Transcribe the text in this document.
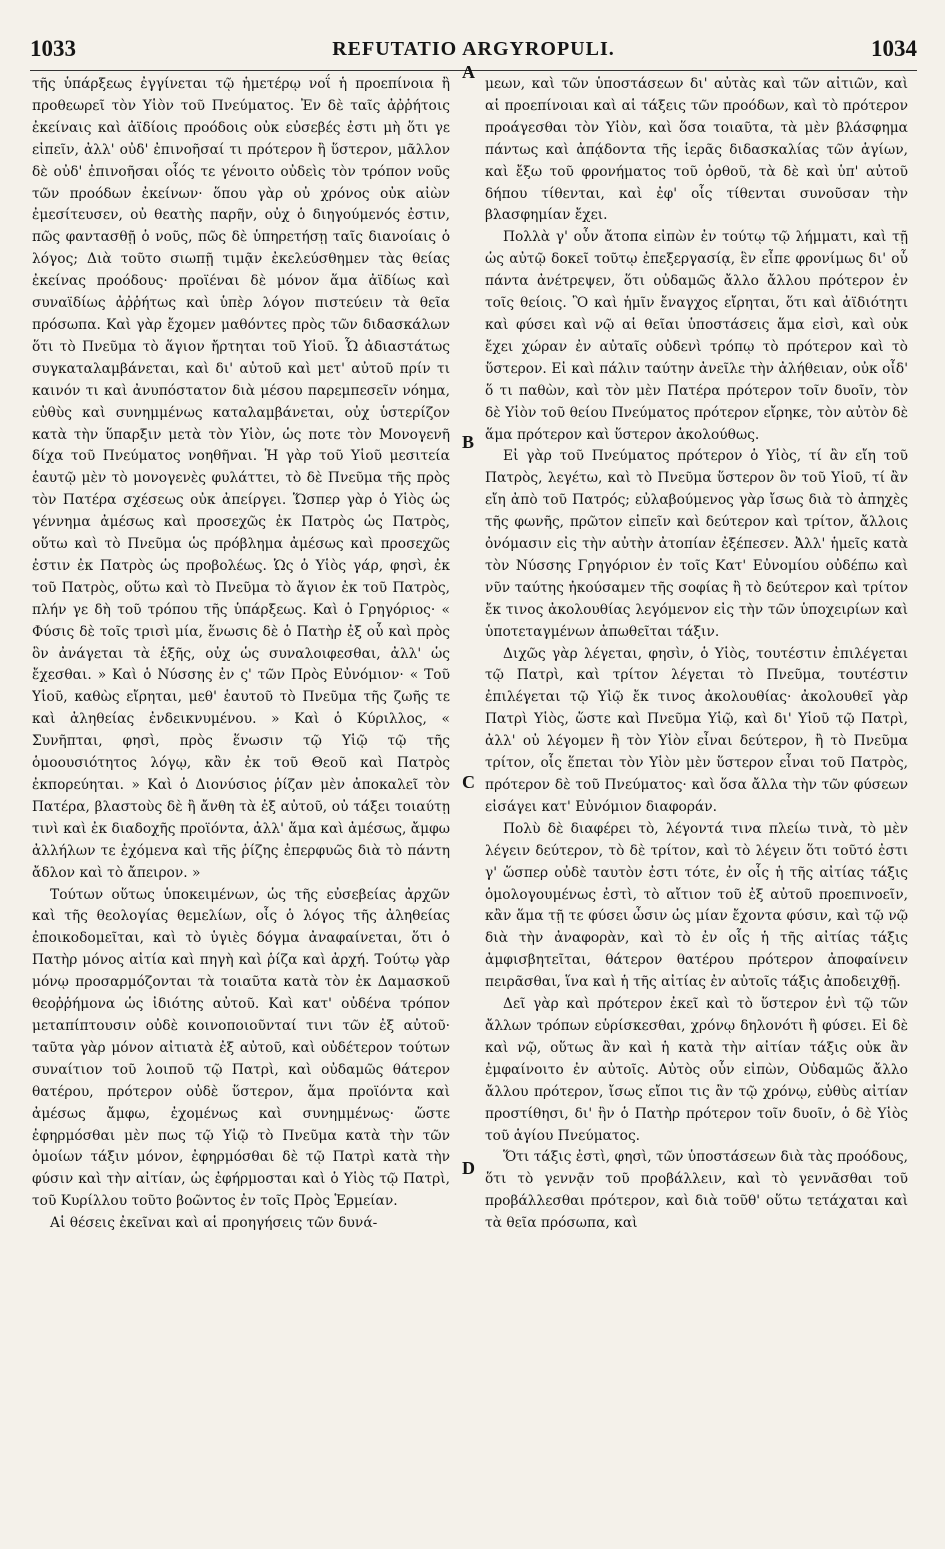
1033	REFUTATIO ARGYROPULI.	1034

τῆς ὑπάρξεως ἐγγίνεται τῷ ἡμετέρῳ νοΐ ἡ προεπίνοια ἢ προθεωρεῖ τὸν Υἱὸν τοῦ Πνεύματος. Ἐν δὲ ταῖς ἀῤῥήτοις ἐκείναις καὶ ἀϊδίοις προόδοις οὐκ εὐσεβές ἐστι μὴ ὅτι γε εἰπεῖν, ἀλλ' οὐδ' ἐπινοῆσαί τι πρότερον ἢ ὕστερον, μᾶλλον δὲ οὐδ' ἐπινοῆσαι οἷός τε γένοιτο οὐδεὶς τὸν τρόπον νοῦς τῶν προόδων ἐκείνων· ὅπου γὰρ οὐ χρόνος οὐκ αἰὼν ἐμεσίτευσεν, οὐ θεατὴς παρῆν, οὐχ ὁ διηγούμενός ἐστιν, πῶς φαντασθῇ ὁ νοῦς, πῶς δὲ ὑπηρετήσῃ ταῖς διανοίαις ὁ λόγος; Διὰ τοῦτο σιωπῇ τιμᾷν ἐκελεύσθημεν τὰς θείας ἐκείνας προόδους· προϊέναι δὲ μόνον ἅμα ἀϊδίως καὶ συναϊδίως ἀῤῥήτως καὶ ὑπὲρ λόγον πιστεύειν τὰ θεῖα πρόσωπα. Καὶ γὰρ ἔχομεν μαθόντες πρὸς τῶν διδασκάλων ὅτι τὸ Πνεῦμα τὸ ἅγιον ἤρτηται τοῦ Υἱοῦ. Ὧ ἀδιαστάτως συγκαταλαμβάνεται, καὶ δι' αὐτοῦ καὶ μετ' αὐτοῦ πρίν τι καινόν τι καὶ ἀνυπόστατον διὰ μέσου παρεμπεσεῖν νόημα, εὐθὺς καὶ συνημμένως καταλαμβάνεται, οὐχ ὑστερίζον κατὰ τὴν ὕπαρξιν μετὰ τὸν Υἱὸν, ὡς ποτε τὸν Μονογενῆ δίχα τοῦ Πνεύματος νοηθῆναι. Ἡ γὰρ τοῦ Υἱοῦ μεσιτεία ἑαυτῷ μὲν τὸ μονογενὲς φυλάττει, τὸ δὲ Πνεῦμα τῆς πρὸς τὸν Πατέρα σχέσεως οὐκ ἀπείργει. Ὥσπερ γὰρ ὁ Υἱὸς ὡς γέννημα ἀμέσως καὶ προσεχῶς ἐκ Πατρὸς ὡς Πατρὸς, οὕτω καὶ τὸ Πνεῦμα ὡς πρόβλημα ἀμέσως καὶ προσεχῶς ἐστιν ἐκ Πατρὸς ὡς προβολέως. Ὡς ὁ Υἱὸς γάρ, φησὶ, ἐκ τοῦ Πατρὸς, οὕτω καὶ τὸ Πνεῦμα τὸ ἅγιον ἐκ τοῦ Πατρὸς, πλήν γε δὴ τοῦ τρόπου τῆς ὑπάρξεως. Καὶ ὁ Γρηγόριος· « Φύσις δὲ τοῖς τρισὶ μία, ἕνωσις δὲ ὁ Πατὴρ ἐξ οὗ καὶ πρὸς ὃν ἀνάγεται τὰ ἑξῆς, οὐχ ὡς συναλοιφεσθαι, ἀλλ' ὡς ἔχεσθαι. » Καὶ ὁ Νύσσης ἐν ς' τῶν Πρὸς Εὐνόμιον· « Τοῦ Υἱοῦ, καθὼς εἴρηται, μεθ' ἑαυτοῦ τὸ Πνεῦμα τῆς ζωῆς τε καὶ ἀληθείας ἐνδεικνυμένου. » Καὶ ὁ Κύριλλος, « Συνῆπται, φησὶ, πρὸς ἕνωσιν τῷ Υἱῷ τῷ τῆς ὁμοουσιότητος λόγῳ, κἂν ἐκ τοῦ Θεοῦ καὶ Πατρὸς ἐκπορεύηται. » Καὶ ὁ Διονύσιος ῥίζαν μὲν ἀποκαλεῖ τὸν Πατέρα, βλαστοὺς δὲ ἢ ἄνθη τὰ ἐξ αὐτοῦ, οὐ τάξει τοιαύτῃ τινὶ καὶ ἐκ διαδοχῆς προϊόντα, ἀλλ' ἅμα καὶ ἀμέσως, ἄμφω ἀλλήλων τε ἐχόμενα καὶ τῆς ῥίζης ἐπερφυῶς διὰ τὸ πάντη ἄδλον καὶ τὸ ἄπειρον. »

Τούτων οὕτως ὑποκειμένων, ὡς τῆς εὐσεβείας ἀρχῶν καὶ τῆς θεολογίας θεμελίων, οἷς ὁ λόγος τῆς ἀληθείας ἐποικοδομεῖται, καὶ τὸ ὑγιὲς δόγμα ἀναφαίνεται, ὅτι ὁ Πατὴρ μόνος αἰτία καὶ πηγὴ καὶ ῥίζα καὶ ἀρχή. Τούτῳ γὰρ μόνῳ προσαρμόζονται τὰ τοιαῦτα κατὰ τὸν ἐκ Δαμασκοῦ θεοῤῥήμονα ὡς ἰδιότης αὐτοῦ. Καὶ κατ' οὐδένα τρόπον μεταπίπτουσιν οὐδὲ κοινοποιοῦνταί τινι τῶν ἐξ αὐτοῦ· ταῦτα γὰρ μόνον αἰτιατὰ ἐξ αὐτοῦ, καὶ οὐδέτερον τούτων συναίτιον τοῦ λοιποῦ τῷ Πατρὶ, καὶ οὐδαμῶς θάτερον θατέρου, πρότερον οὐδὲ ὕστερον, ἅμα προϊόντα καὶ ἀμέσως ἄμφω, ἐχομένως καὶ συνημμένως· ὥστε ἐφηρμόσθαι μὲν πως τῷ Υἱῷ τὸ Πνεῦμα κατὰ τὴν τῶν ὁμοίων τάξιν μόνον, ἐφηρμόσθαι δὲ τῷ Πατρὶ κατὰ τὴν φύσιν καὶ τὴν αἰτίαν, ὡς ἐφήρμοσται καὶ ὁ Υἱὸς τῷ Πατρὶ, τοῦ Κυρίλλου τοῦτο βοῶντος ἐν τοῖς Πρὸς Ἑρμείαν.

Αἱ θέσεις ἐκεῖναι καὶ αἱ προηγήσεις τῶν δυνά-

A
B
C
D

μεων, καὶ τῶν ὑποστάσεων δι' αὐτὰς καὶ τῶν αἰτιῶν, καὶ αἱ προεπίνοιαι καὶ αἱ τάξεις τῶν προόδων, καὶ τὸ πρότερον προάγεσθαι τὸν Υἱὸν, καὶ ὅσα τοιαῦτα, τὰ μὲν βλάσφημα πάντως καὶ ἀπᾴδοντα τῆς ἱερᾶς διδασκαλίας τῶν ἁγίων, καὶ ἔξω τοῦ φρονήματος τοῦ ὀρθοῦ, τὰ δὲ καὶ ὑπ' αὐτοῦ δήπου τίθενται, καὶ ἐφ' οἷς τίθενται συνοῦσαν τὴν βλασφημίαν ἔχει.

Πολλὰ γ' οὖν ἄτοπα εἰπὼν ἐν τούτῳ τῷ λήμματι, καὶ τῇ ὡς αὐτῷ δοκεῖ τοῦτῳ ἐπεξεργασίᾳ, ἓν εἶπε φρονίμως δι' οὗ πάντα ἀνέτρεψεν, ὅτι οὐδαμῶς ἄλλο ἄλλου πρότερον ἐν τοῖς θείοις. Ὃ καὶ ἡμῖν ἔναγχος εἴρηται, ὅτι καὶ ἀϊδιότητι καὶ φύσει καὶ νῷ αἱ θεῖαι ὑποστάσεις ἅμα εἰσὶ, καὶ οὐκ ἔχει χώραν ἐν αὐταῖς οὐδενὶ τρόπῳ τὸ πρότερον καὶ τὸ ὕστερον. Εἰ καὶ πάλιν ταύτην ἀνεῖλε τὴν ἀλήθειαν, οὐκ οἶδ' ὅ τι παθὼν, καὶ τὸν μὲν Πατέρα πρότερον τοῖν δυοῖν, τὸν δὲ Υἱὸν τοῦ θείου Πνεύματος πρότερον εἴρηκε, τὸν αὐτὸν δὲ ἅμα πρότερον καὶ ὕστερον ἀκολούθως.

Εἰ γὰρ τοῦ Πνεύματος πρότερον ὁ Υἱὸς, τί ἂν εἴη τοῦ Πατρὸς, λεγέτω, καὶ τὸ Πνεῦμα ὕστερον ὂν τοῦ Υἱοῦ, τί ἂν εἴη ἀπὸ τοῦ Πατρός; εὐλαβούμενος γὰρ ἴσως διὰ τὸ ἀπηχὲς τῆς φωνῆς, πρῶτον εἰπεῖν καὶ δεύτερον καὶ τρίτον, ἄλλοις ὀνόμασιν εἰς τὴν αὐτὴν ἀτοπίαν ἐξέπεσεν. Ἀλλ' ἡμεῖς κατὰ τὸν Νύσσης Γρηγόριον ἐν τοῖς Κατ' Εὐνομίου οὐδέπω καὶ νῦν ταύτης ἠκούσαμεν τῆς σοφίας ἢ τὸ δεύτερον καὶ τρίτον ἔκ τινος ἀκολουθίας λεγόμενον εἰς τὴν τῶν ὑποχειρίων καὶ ὑποτεταγμένων ἀπωθεῖται τάξιν.

Διχῶς γὰρ λέγεται, φησὶν, ὁ Υἱὸς, τουτέστιν ἐπιλέγεται τῷ Πατρὶ, καὶ τρίτον λέγεται τὸ Πνεῦμα, τουτέστιν ἐπιλέγεται τῷ Υἱῷ ἔκ τινος ἀκολουθίας· ἀκολουθεῖ γὰρ Πατρὶ Υἱὸς, ὥστε καὶ Πνεῦμα Υἱῷ, καὶ δι' Υἱοῦ τῷ Πατρὶ, ἀλλ' οὐ λέγομεν ἢ τὸν Υἱὸν εἶναι δεύτερον, ἢ τὸ Πνεῦμα τρίτον, οἷς ἕπεται τὸν Υἱὸν μὲν ὕστερον εἶναι τοῦ Πατρὸς, πρότερον δὲ τοῦ Πνεύματος· καὶ ὅσα ἄλλα τὴν τῶν φύσεων εἰσάγει κατ' Εὐνόμιον διαφοράν.

Πολὺ δὲ διαφέρει τὸ, λέγοντά τινα πλείω τινὰ, τὸ μὲν λέγειν δεύτερον, τὸ δὲ τρίτον, καὶ τὸ λέγειν ὅτι τοῦτό ἐστι γ' ὥσπερ οὐδὲ ταυτὸν ἐστι τότε, ἐν οἷς ἡ τῆς αἰτίας τάξις ὁμολογουμένως ἐστὶ, τὸ αἴτιον τοῦ ἐξ αὐτοῦ προεπινοεῖν, κἂν ἅμα τῇ τε φύσει ὦσιν ὡς μίαν ἔχοντα φύσιν, καὶ τῷ νῷ διὰ τὴν ἀναφορὰν, καὶ τὸ ἐν οἷς ἡ τῆς αἰτίας τάξις ἀμφισβητεῖται, θάτερον θατέρου πρότερον ἀποφαίνειν πειρᾶσθαι, ἵνα καὶ ἡ τῆς αἰτίας ἐν αὐτοῖς τάξις ἀποδειχθῇ.

Δεῖ γὰρ καὶ πρότερον ἐκεῖ καὶ τὸ ὕστερον ἑνὶ τῷ τῶν ἄλλων τρόπων εὑρίσκεσθαι, χρόνῳ δηλονότι ἢ φύσει. Εἰ δὲ καὶ νῷ, οὕτως ἂν καὶ ἡ κατὰ τὴν αἰτίαν τάξις οὐκ ἂν ἐμφαίνοιτο ἐν αὐτοῖς. Αὐτὸς οὖν εἰπὼν, Οὐδαμῶς ἄλλο ἄλλου πρότερον, ἴσως εἴποι τις ἂν τῷ χρόνῳ, εὐθὺς αἰτίαν προστίθησι, δι' ἣν ὁ Πατὴρ πρότερον τοῖν δυοῖν, ὁ δὲ Υἱὸς τοῦ ἁγίου Πνεύματος.

Ὅτι τάξις ἐστὶ, φησὶ, τῶν ὑποστάσεων διὰ τὰς προόδους, ὅτι τὸ γεννᾷν τοῦ προβάλλειν, καὶ τὸ γεννᾶσθαι τοῦ προβάλλεσθαι πρότερον, καὶ διὰ τοῦθ' οὕτω τετάχαται καὶ τὰ θεῖα πρόσωπα, καὶ
